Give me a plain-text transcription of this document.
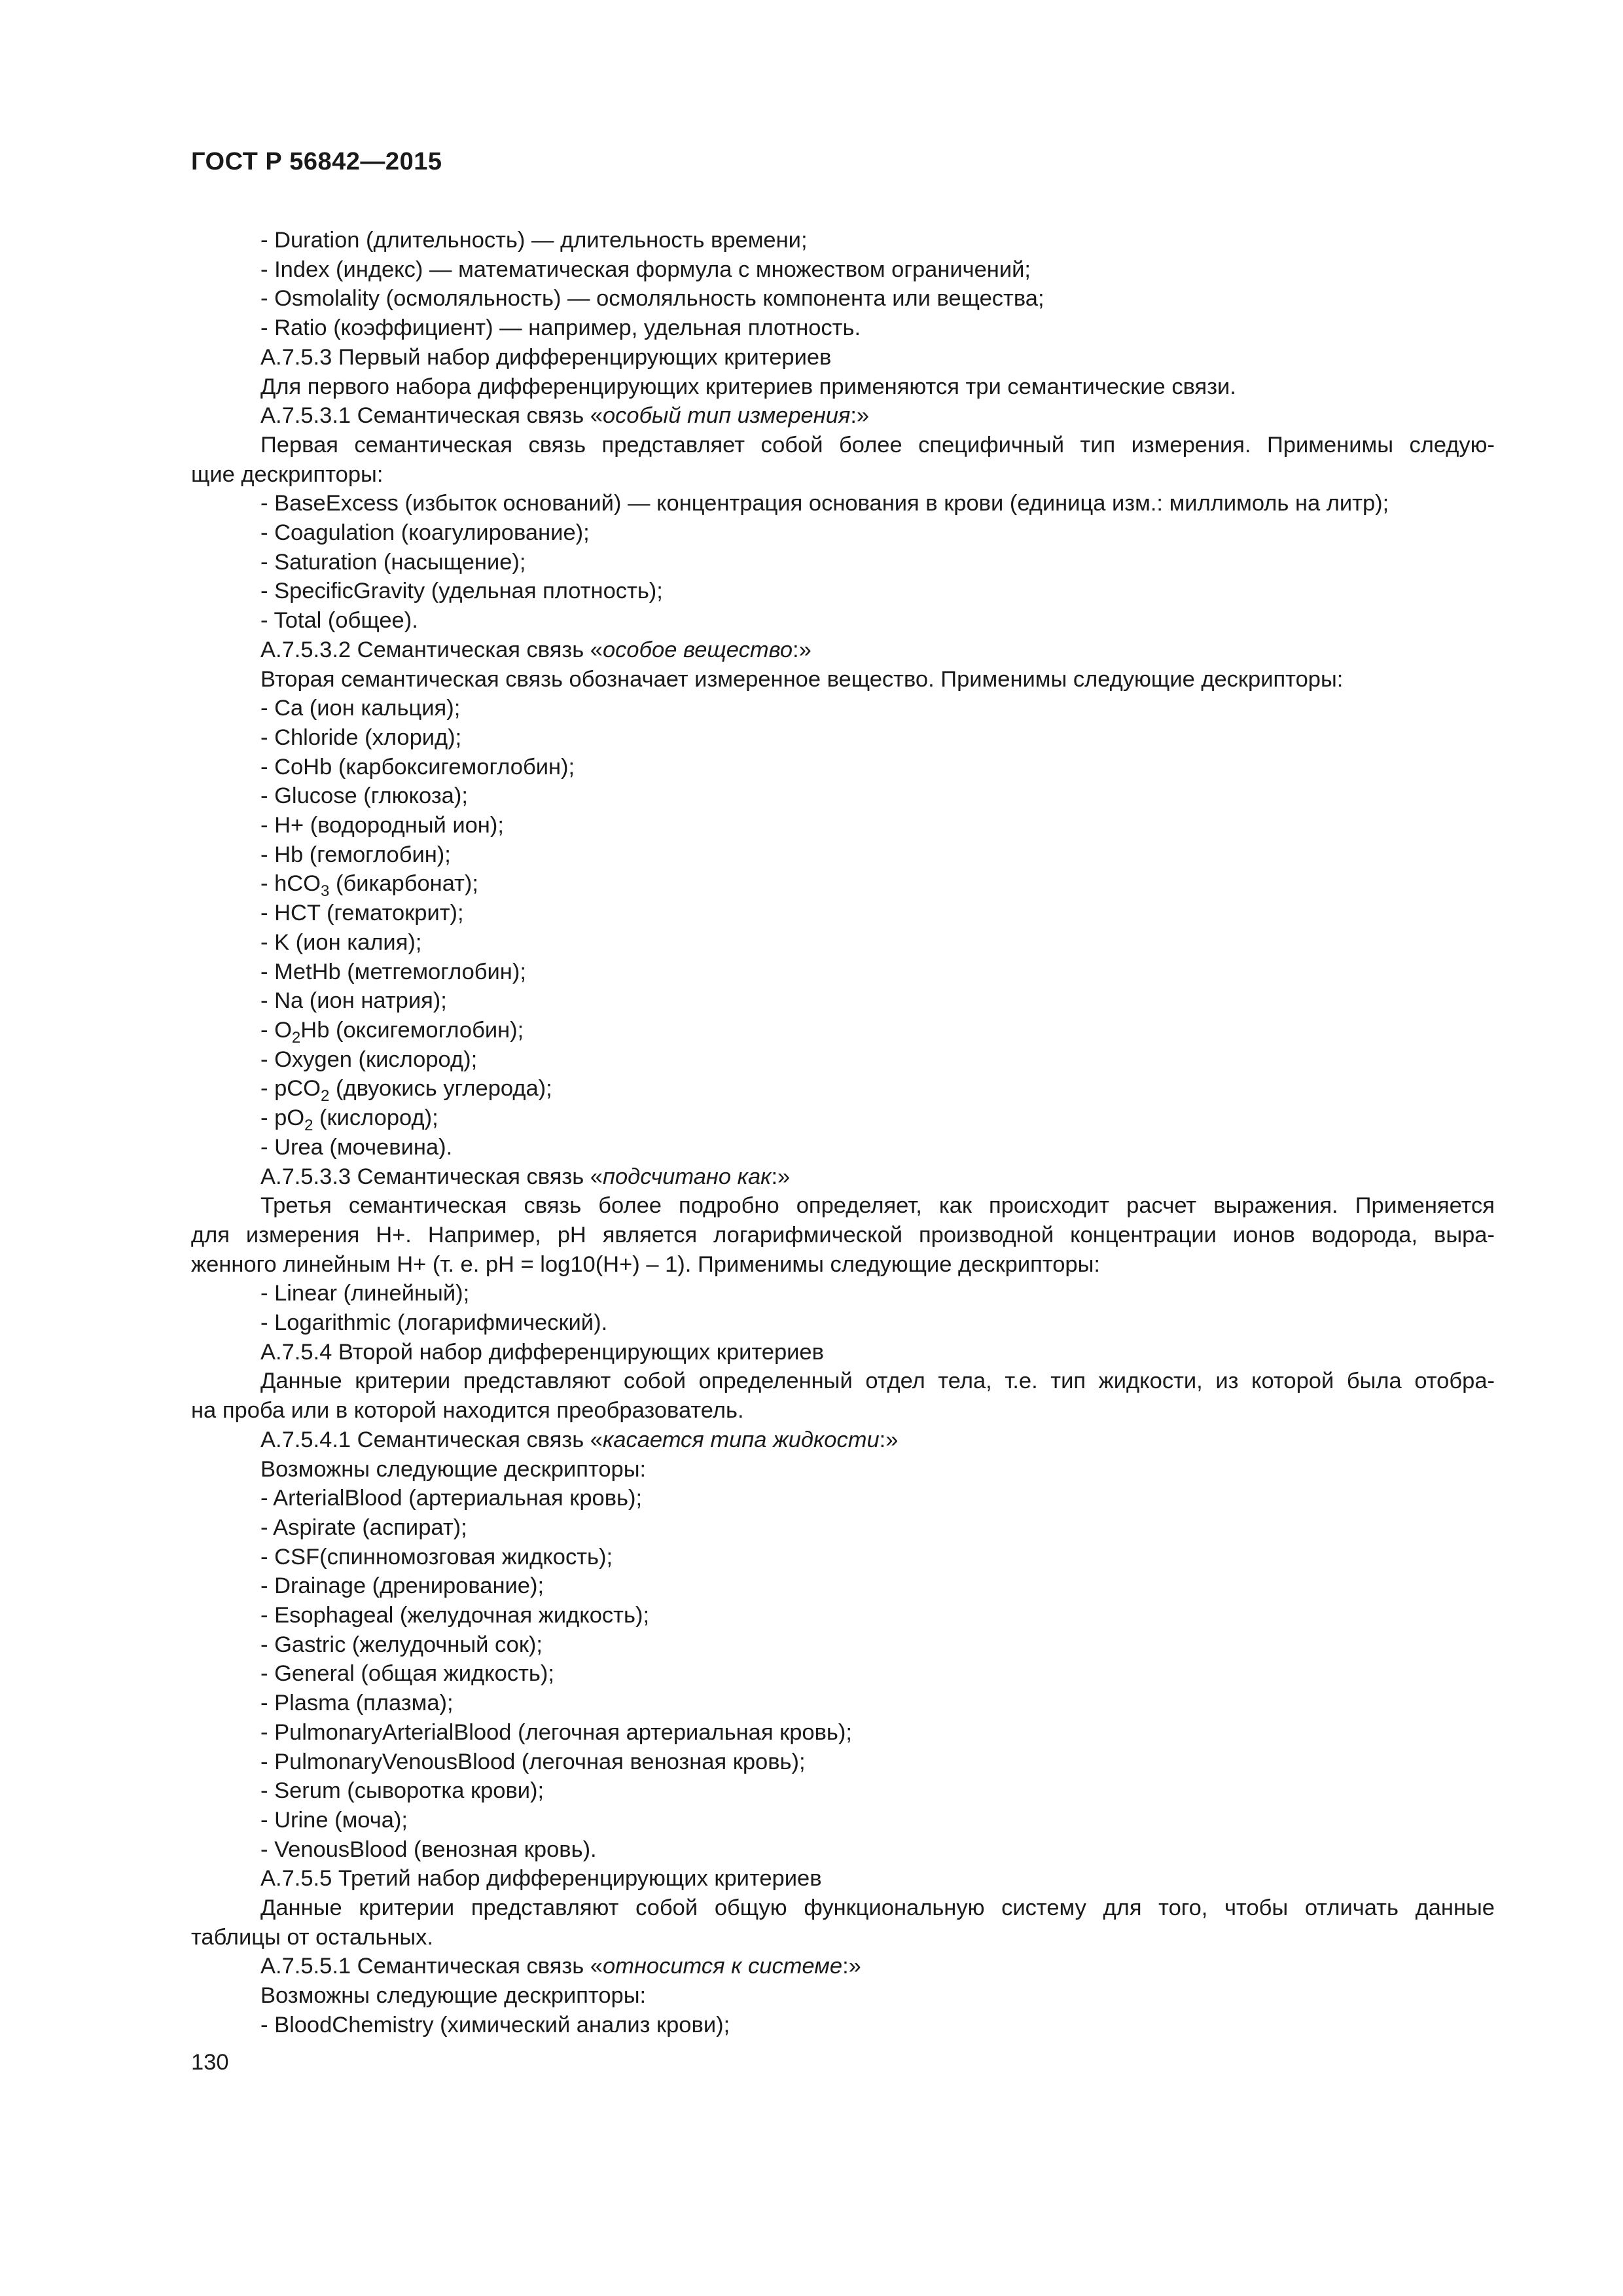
ГОСТ Р 56842—2015
- Duration (длительность) — длительность времени;
- Index (индекс) — математическая формула с множеством ограничений;
- Osmolality (осмоляльность) — осмоляльность компонента или вещества;
- Ratio (коэффициент) — например, удельная плотность.
А.7.5.3 Первый набор дифференцирующих критериев
Для первого набора дифференцирующих критериев применяются три семантические связи.
А.7.5.3.1 Семантическая связь «особый тип измерения:»
Первая семантическая связь представляет собой более специфичный тип измерения. Применимы следую-
щие дескрипторы:
- BaseExcess (избыток оснований) — концентрация основания в крови (единица изм.: миллимоль на литр);
- Coagulation (коагулирование);
- Saturation (насыщение);
- SpecificGravity (удельная плотность);
- Total (общее).
А.7.5.3.2 Семантическая связь «особое вещество:»
Вторая семантическая связь обозначает измеренное вещество. Применимы следующие дескрипторы:
- Ca (ион кальция);
- Chloride (хлорид);
- CoHb (карбоксигемоглобин);
- Glucose (глюкоза);
- H+ (водородный ион);
- Hb (гемоглобин);
- hCO$_3$ (бикарбонат);
- HCT (гематокрит);
- K (ион калия);
- MetHb (метгемоглобин);
- Na (ион натрия);
- $O_2Hb$ (оксигемоглобин);
- Oxygen (кислород);
- pCO$_2$ (двуокись углерода);
- $pO_2$ (кислород);
- Urea (мочевина).
А.7.5.3.3 Семантическая связь «подсчитано как:»
Третья семантическая связь более подробно определяет, как происходит расчет выражения. Применяется
для измерения H+. Например, pH является логарифмической производной концентрации ионов водорода, выра-
женного линейным H+ (т. е. pH = log10(H+) – 1). Применимы следующие дескрипторы:
- Linear (линейный);
- Logarithmic (логарифмический).
А.7.5.4 Второй набор дифференцирующих критериев
Данные критерии представляют собой определенный отдел тела, т.е. тип жидкости, из которой была отобра-
на проба или в которой находится преобразователь.
А.7.5.4.1 Семантическая связь «касается типа жидкости:»
Возможны следующие дескрипторы:
- ArterialBlood (артериальная кровь);
- Aspirate (аспират);
- CSF(спинномозговая жидкость);
- Drainage (дренирование);
- Esophageal (желудочная жидкость);
- Gastric (желудочный сок);
- General (общая жидкость);
- Plasma (плазма);
- PulmonaryArterialBlood (легочная артериальная кровь);
- PulmonaryVenousBlood (легочная венозная кровь);
- Serum (сыворотка крови);
- Urine (моча);
- VenousBlood (венозная кровь).
А.7.5.5 Третий набор дифференцирующих критериев
Данные критерии представляют собой общую функциональную систему для того, чтобы отличать данные
таблицы от остальных.
А.7.5.5.1 Семантическая связь «относится к системе:»
Возможны следующие дескрипторы:
- BloodChemistry (химический анализ крови);
130
